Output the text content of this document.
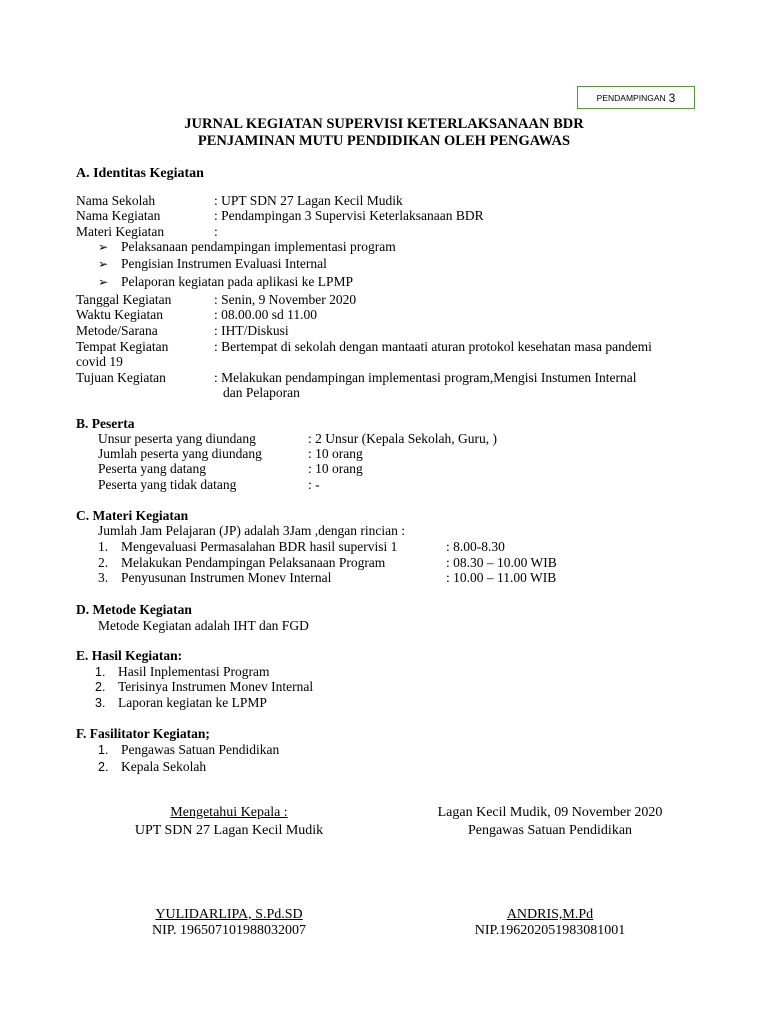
PENDAMPINGAN 3
JURNAL KEGIATAN SUPERVISI KETERLAKSANAAN BDR
PENJAMINAN MUTU PENDIDIKAN OLEH PENGAWAS
A. Identitas Kegiatan
Nama Sekolah	: UPT SDN 27 Lagan Kecil Mudik
Nama Kegiatan	: Pendampingan 3 Supervisi Keterlaksanaan BDR
Materi Kegiatan	:
➢ Pelaksanaan pendampingan implementasi program
➢ Pengisian Instrumen Evaluasi Internal
➢ Pelaporan kegiatan pada aplikasi ke LPMP
Tanggal Kegiatan	: Senin, 9 November 2020
Waktu Kegiatan	: 08.00.00 sd 11.00
Metode/Sarana	: IHT/Diskusi
Tempat Kegiatan	: Bertempat di sekolah dengan mantaati aturan protokol kesehatan masa pandemi
covid 19
Tujuan Kegiatan	: Melakukan pendampingan implementasi program,Mengisi Instumen Internal
dan Pelaporan
B. Peserta
Unsur peserta yang diundang	: 2 Unsur (Kepala Sekolah, Guru, )
Jumlah peserta yang diundang	: 10 orang
Peserta yang datang	: 10 orang
Peserta yang tidak datang	: -
C. Materi Kegiatan
Jumlah Jam Pelajaran (JP) adalah 3Jam ,dengan rincian :
1. Mengevaluasi Permasalahan BDR hasil supervisi 1	: 8.00-8.30
2. Melakukan Pendampingan Pelaksanaan Program	: 08.30 – 10.00 WIB
3. Penyusunan Instrumen Monev Internal	: 10.00 – 11.00 WIB
D. Metode Kegiatan
Metode Kegiatan adalah IHT dan FGD
E. Hasil Kegiatan:
1. Hasil Inplementasi Program
2. Terisinya Instrumen Monev Internal
3. Laporan kegiatan ke LPMP
F. Fasilitator Kegiatan;
1. Pengawas Satuan Pendidikan
2. Kepala Sekolah
Mengetahui Kepala :
UPT SDN 27 Lagan Kecil Mudik
YULIDARLIPA, S.Pd.SD
NIP. 196507101988032007
Lagan Kecil Mudik, 09 November 2020
Pengawas Satuan Pendidikan
ANDRIS,M.Pd
NIP.196202051983081001
